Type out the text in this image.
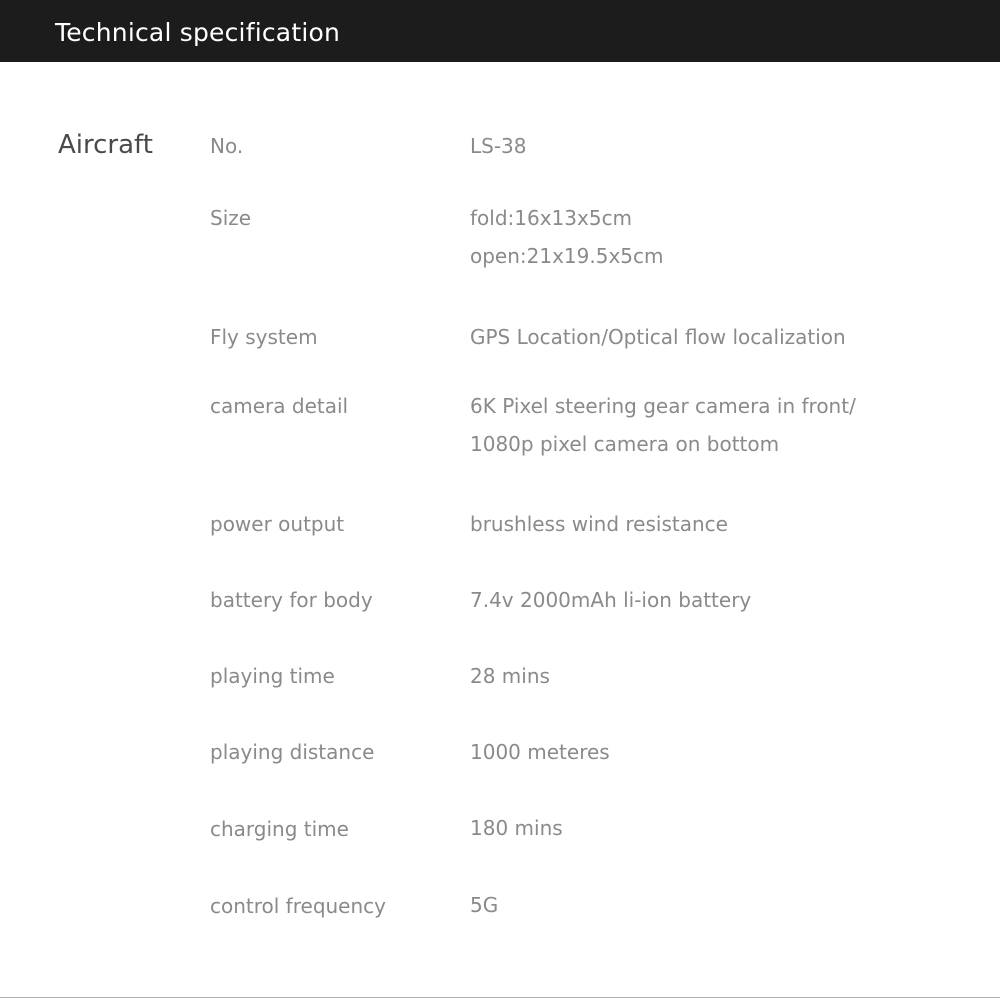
Technical specification
Aircraft	No.	LS-38
Size	fold:16x13x5cm
open:21x19.5x5cm
Fly system	GPS Location/Optical flow localization
camera detail	6K Pixel steering gear camera in front/
1080p pixel camera on bottom
power output	brushless wind resistance
battery for body	7.4v 2000mAh li-ion battery
playing time	28 mins
playing distance	1000 meteres
charging time	180 mins
control frequency	5G
